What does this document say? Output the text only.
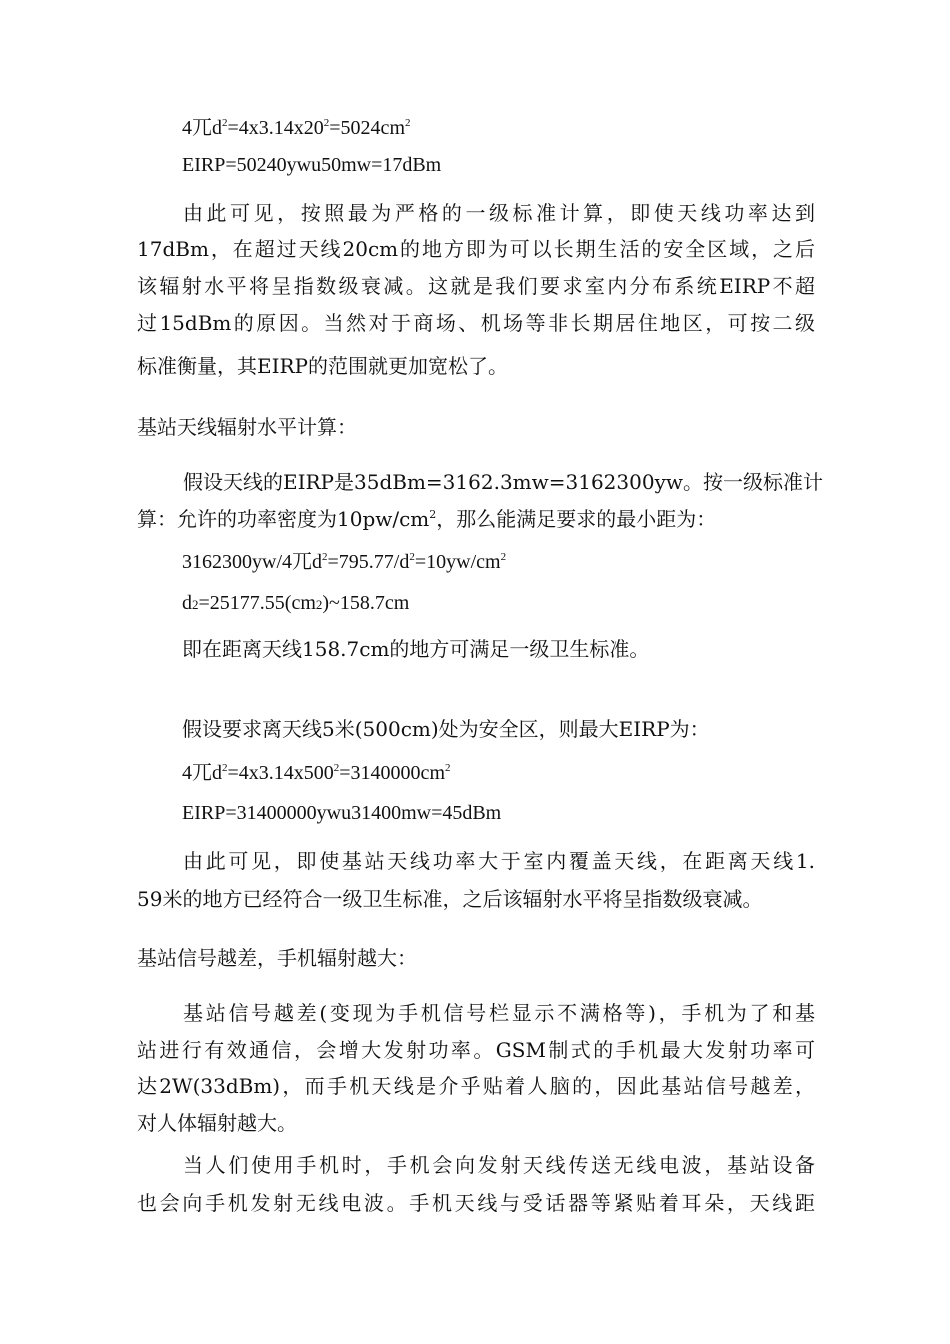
4兀$d^2=4x3.14x20^2=5024cm^2$
EIRP=50240ywu50mw=17dBm
由此可见，按照最为严格的一级标准计算，即使天线功率达到
17dBm，在超过天线20cm的地方即为可以长期生活的安全区域，之后
该辐射水平将呈指数级衰减。这就是我们要求室内分布系统EIRP不超
过15dBm的原因。当然对于商场、机场等非长期居住地区，可按二级
标准衡量，其EIRP的范围就更加宽松了。
基站天线辐射水平计算：
假设天线的EIRP是35dBm=3162.3mw=3162300yw。按一级标准计
算：允许的功率密度为$10pw/cm^2$，那么能满足要求的最小距为：
3162300yw/4兀$d^2=795.77/d^2=10yw/cm^2$
d2=25177.55(cm2)~158.7cm
即在距离天线158.7cm的地方可满足一级卫生标准。
假设要求离天线5米(500cm)处为安全区，则最大EIRP为：
4兀$d^2=4x3.14x500^2=3140000cm^2$
EIRP=31400000ywu31400mw=45dBm
由此可见，即使基站天线功率大于室内覆盖天线，在距离天线1.
59米的地方已经符合一级卫生标准，之后该辐射水平将呈指数级衰减。
基站信号越差，手机辐射越大：
基站信号越差(变现为手机信号栏显示不满格等)，手机为了和基
站进行有效通信，会增大发射功率。GSM制式的手机最大发射功率可
达2W(33dBm)，而手机天线是介乎贴着人脑的，因此基站信号越差，
对人体辐射越大。
当人们使用手机时，手机会向发射天线传送无线电波，基站设备
也会向手机发射无线电波。手机天线与受话器等紧贴着耳朵，天线距
